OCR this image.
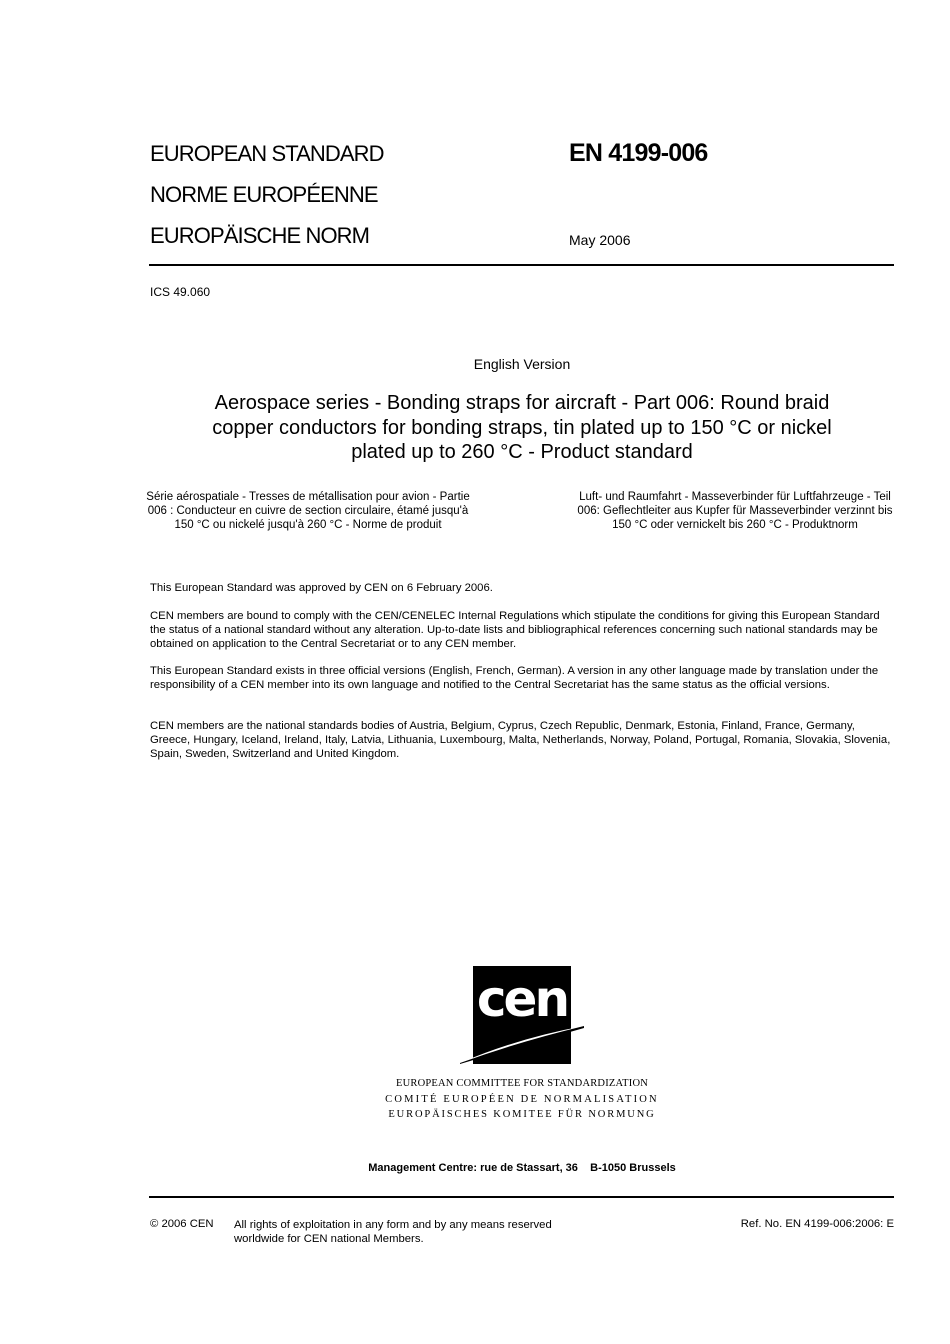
EUROPEAN STANDARD
NORME EUROPÉENNE
EUROPÄISCHE NORM
EN 4199-006
May 2006
ICS 49.060
English Version
Aerospace series - Bonding straps for aircraft - Part 006: Round braid copper conductors for bonding straps, tin plated up to 150 °C or nickel plated up to 260 °C - Product standard
Série aérospatiale - Tresses de métallisation pour avion - Partie 006 : Conducteur en cuivre de section circulaire, étamé jusqu'à 150 °C ou nickelé jusqu'à 260 °C - Norme de produit
Luft- und Raumfahrt - Masseverbinder für Luftfahrzeuge - Teil 006: Geflechtleiter aus Kupfer für Masseverbinder verzinnt bis 150 °C oder vernickelt bis 260 °C - Produktnorm
This European Standard was approved by CEN on 6 February 2006.
CEN members are bound to comply with the CEN/CENELEC Internal Regulations which stipulate the conditions for giving this European Standard the status of a national standard without any alteration. Up-to-date lists and bibliographical references concerning such national standards may be obtained on application to the Central Secretariat or to any CEN member.
This European Standard exists in three official versions (English, French, German). A version in any other language made by translation under the responsibility of a CEN member into its own language and notified to the Central Secretariat has the same status as the official versions.
CEN members are the national standards bodies of Austria, Belgium, Cyprus, Czech Republic, Denmark, Estonia, Finland, France, Germany, Greece, Hungary, Iceland, Ireland, Italy, Latvia, Lithuania, Luxembourg, Malta, Netherlands, Norway, Poland, Portugal, Romania, Slovakia, Slovenia, Spain, Sweden, Switzerland and United Kingdom.
cen
EUROPEAN COMMITTEE FOR STANDARDIZATION
COMITÉ EUROPÉEN DE NORMALISATION
EUROPÄISCHES KOMITEE FÜR NORMUNG
Management Centre: rue de Stassart, 36    B-1050 Brussels
© 2006 CEN All rights of exploitation in any form and by any means reserved worldwide for CEN national Members.
Ref. No. EN 4199-006:2006: E
